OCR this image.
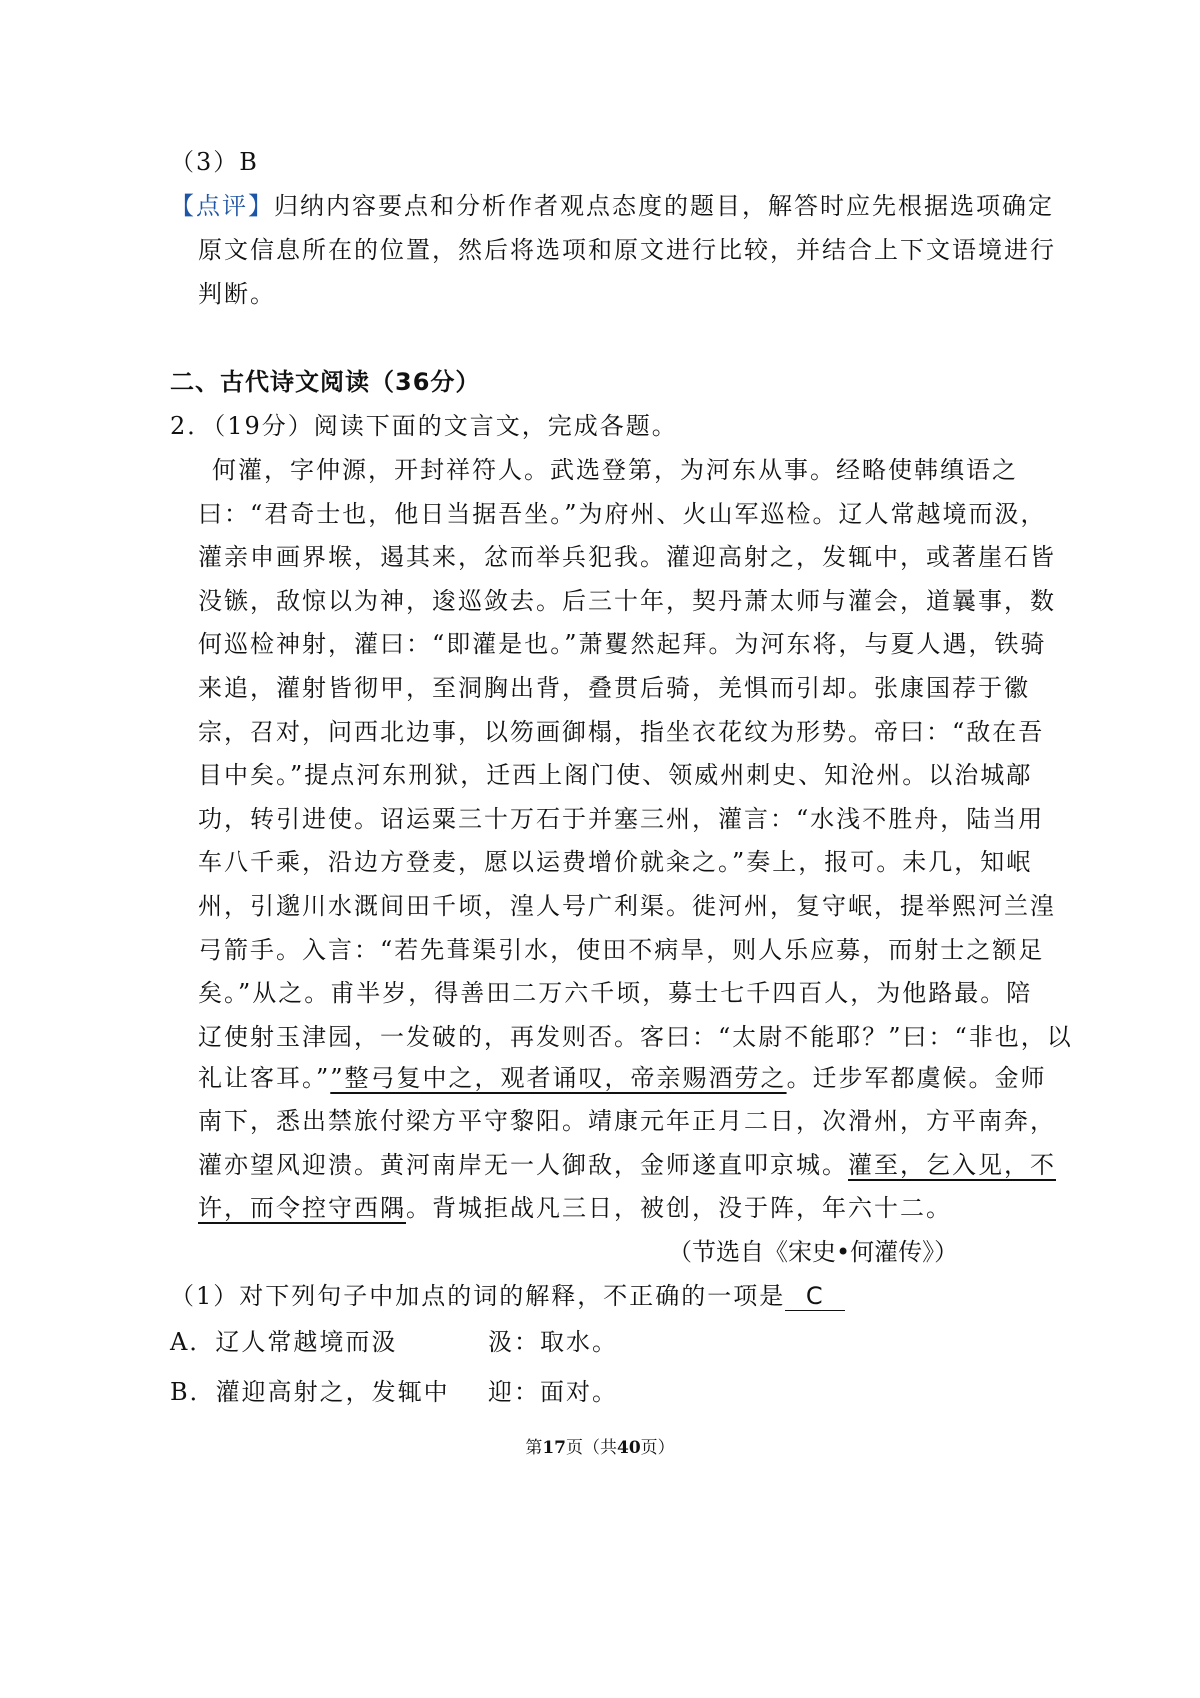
（3）B
【点评】归纳内容要点和分析作者观点态度的题目，解答时应先根据选项确定
原文信息所在的位置，然后将选项和原文进行比较，并结合上下文语境进行
判断。
二、古代诗文阅读（36分）
2．（19分）阅读下面的文言文，完成各题。
何灌，字仲源，开封祥符人。武选登第，为河东从事。经略使韩缜语之
曰：“君奇士也，他日当据吾坐。”为府州、火山军巡检。辽人常越境而汲，
灌亲申画界堠，遏其来，忿而举兵犯我。灌迎高射之，发辄中，或著崖石皆
没镞，敌惊以为神，逡巡敛去。后三十年，契丹萧太师与灌会，道曩事，数
何巡检神射，灌曰：“即灌是也。”萧矍然起拜。为河东将，与夏人遇，铁骑
来追，灌射皆彻甲，至洞胸出背，叠贯后骑，羌惧而引却。张康国荐于徽
宗，召对，问西北边事，以笏画御榻，指坐衣花纹为形势。帝曰：“敌在吾
目中矣。”提点河东刑狱，迁西上阁门使、领威州刺史、知沧州。以治城鄗
功，转引进使。诏运粟三十万石于并塞三州，灌言：“水浅不胜舟，陆当用
车八千乘，沿边方登麦，愿以运费增价就籴之。”奏上，报可。未几，知岷
州，引邈川水溉间田千顷，湟人号广利渠。徙河州，复守岷，提举熙河兰湟
弓箭手。入言：“若先葺渠引水，使田不病旱，则人乐应募，而射士之额足
矣。”从之。甫半岁，得善田二万六千顷，募士七千四百人，为他路最。陪
辽使射玉津园，一发破的，再发则否。客曰：“太尉不能耶？”曰：“非也，以
礼让客耳。””整弓复中之，观者诵叹，帝亲赐酒劳之。迁步军都虞候。金师
南下，悉出禁旅付梁方平守黎阳。靖康元年正月二日，次滑州，方平南奔，
灌亦望风迎溃。黄河南岸无一人御敌，金师遂直叩京城。灌至，乞入见，不
许，而令控守西隅。背城拒战凡三日，被创，没于阵，年六十二。
（节选自《宋史•何灌传》）
（1）对下列句子中加点的词的解释，不正确的一项是 C
A．辽人常越境而汲	汲：取水。
B．灌迎高射之，发辄中 迎：面对。
第17页（共40页）
